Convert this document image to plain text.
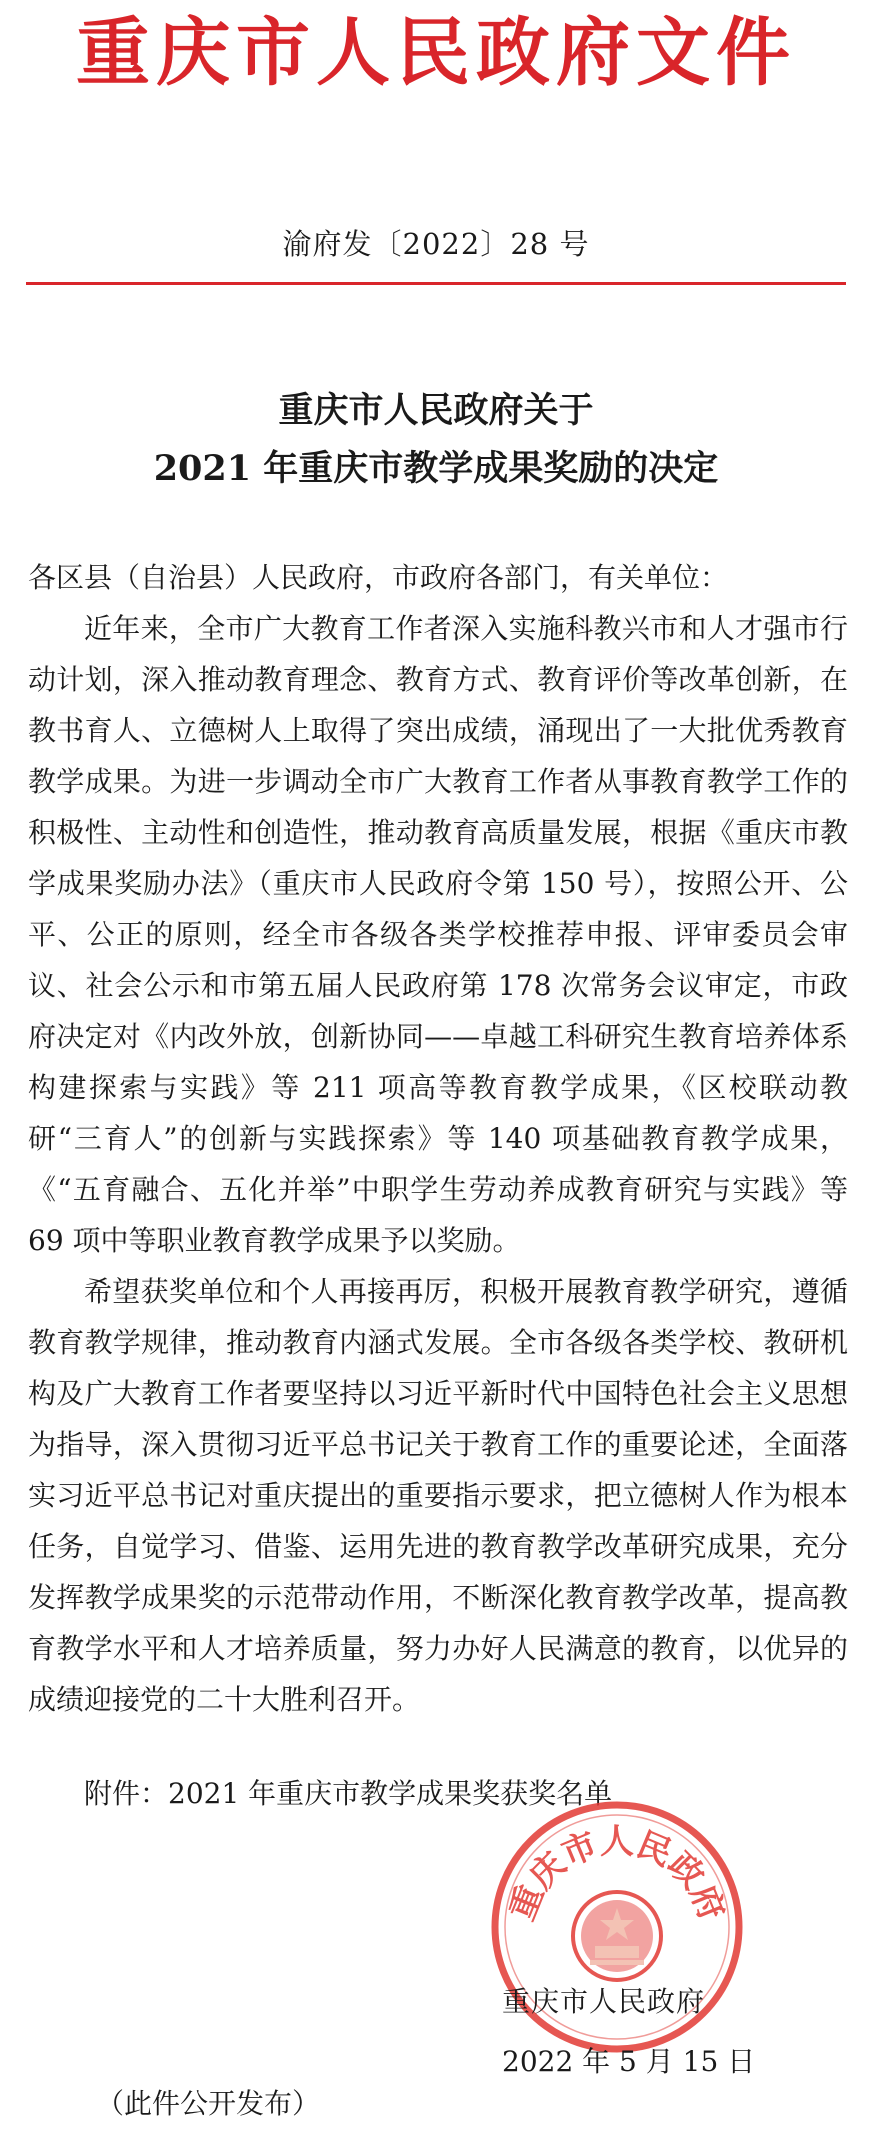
重庆市人民政府文件
渝府发〔2022〕28 号
重庆市人民政府关于
2021 年重庆市教学成果奖励的决定

各区县（自治县）人民政府，市政府各部门，有关单位：

近年来，全市广大教育工作者深入实施科教兴市和人才强市行动计划，深入推动教育理念、教育方式、教育评价等改革创新，在教书育人、立德树人上取得了突出成绩，涌现出了一大批优秀教育教学成果。为进一步调动全市广大教育工作者从事教育教学工作的积极性、主动性和创造性，推动教育高质量发展，根据《重庆市教学成果奖励办法》（重庆市人民政府令第 150 号），按照公开、公平、公正的原则，经全市各级各类学校推荐申报、评审委员会审议、社会公示和市第五届人民政府第 178 次常务会议审定，市政府决定对《内改外放，创新协同——卓越工科研究生教育培养体系构建探索与实践》等 211 项高等教育教学成果，《区校联动教研“三育人”的创新与实践探索》等 140 项基础教育教学成果，《“五育融合、五化并举”中职学生劳动养成教育研究与实践》等 69 项中等职业教育教学成果予以奖励。

希望获奖单位和个人再接再厉，积极开展教育教学研究，遵循教育教学规律，推动教育内涵式发展。全市各级各类学校、教研机构及广大教育工作者要坚持以习近平新时代中国特色社会主义思想为指导，深入贯彻习近平总书记关于教育工作的重要论述，全面落实习近平总书记对重庆提出的重要指示要求，把立德树人作为根本任务，自觉学习、借鉴、运用先进的教育教学改革研究成果，充分发挥教学成果奖的示范带动作用，不断深化教育教学改革，提高教育教学水平和人才培养质量，努力办好人民满意的教育，以优异的成绩迎接党的二十大胜利召开。

附件：2021 年重庆市教学成果奖获奖名单
重庆市人民政府
重庆市人民政府
2022 年 5 月 15 日
（此件公开发布）
